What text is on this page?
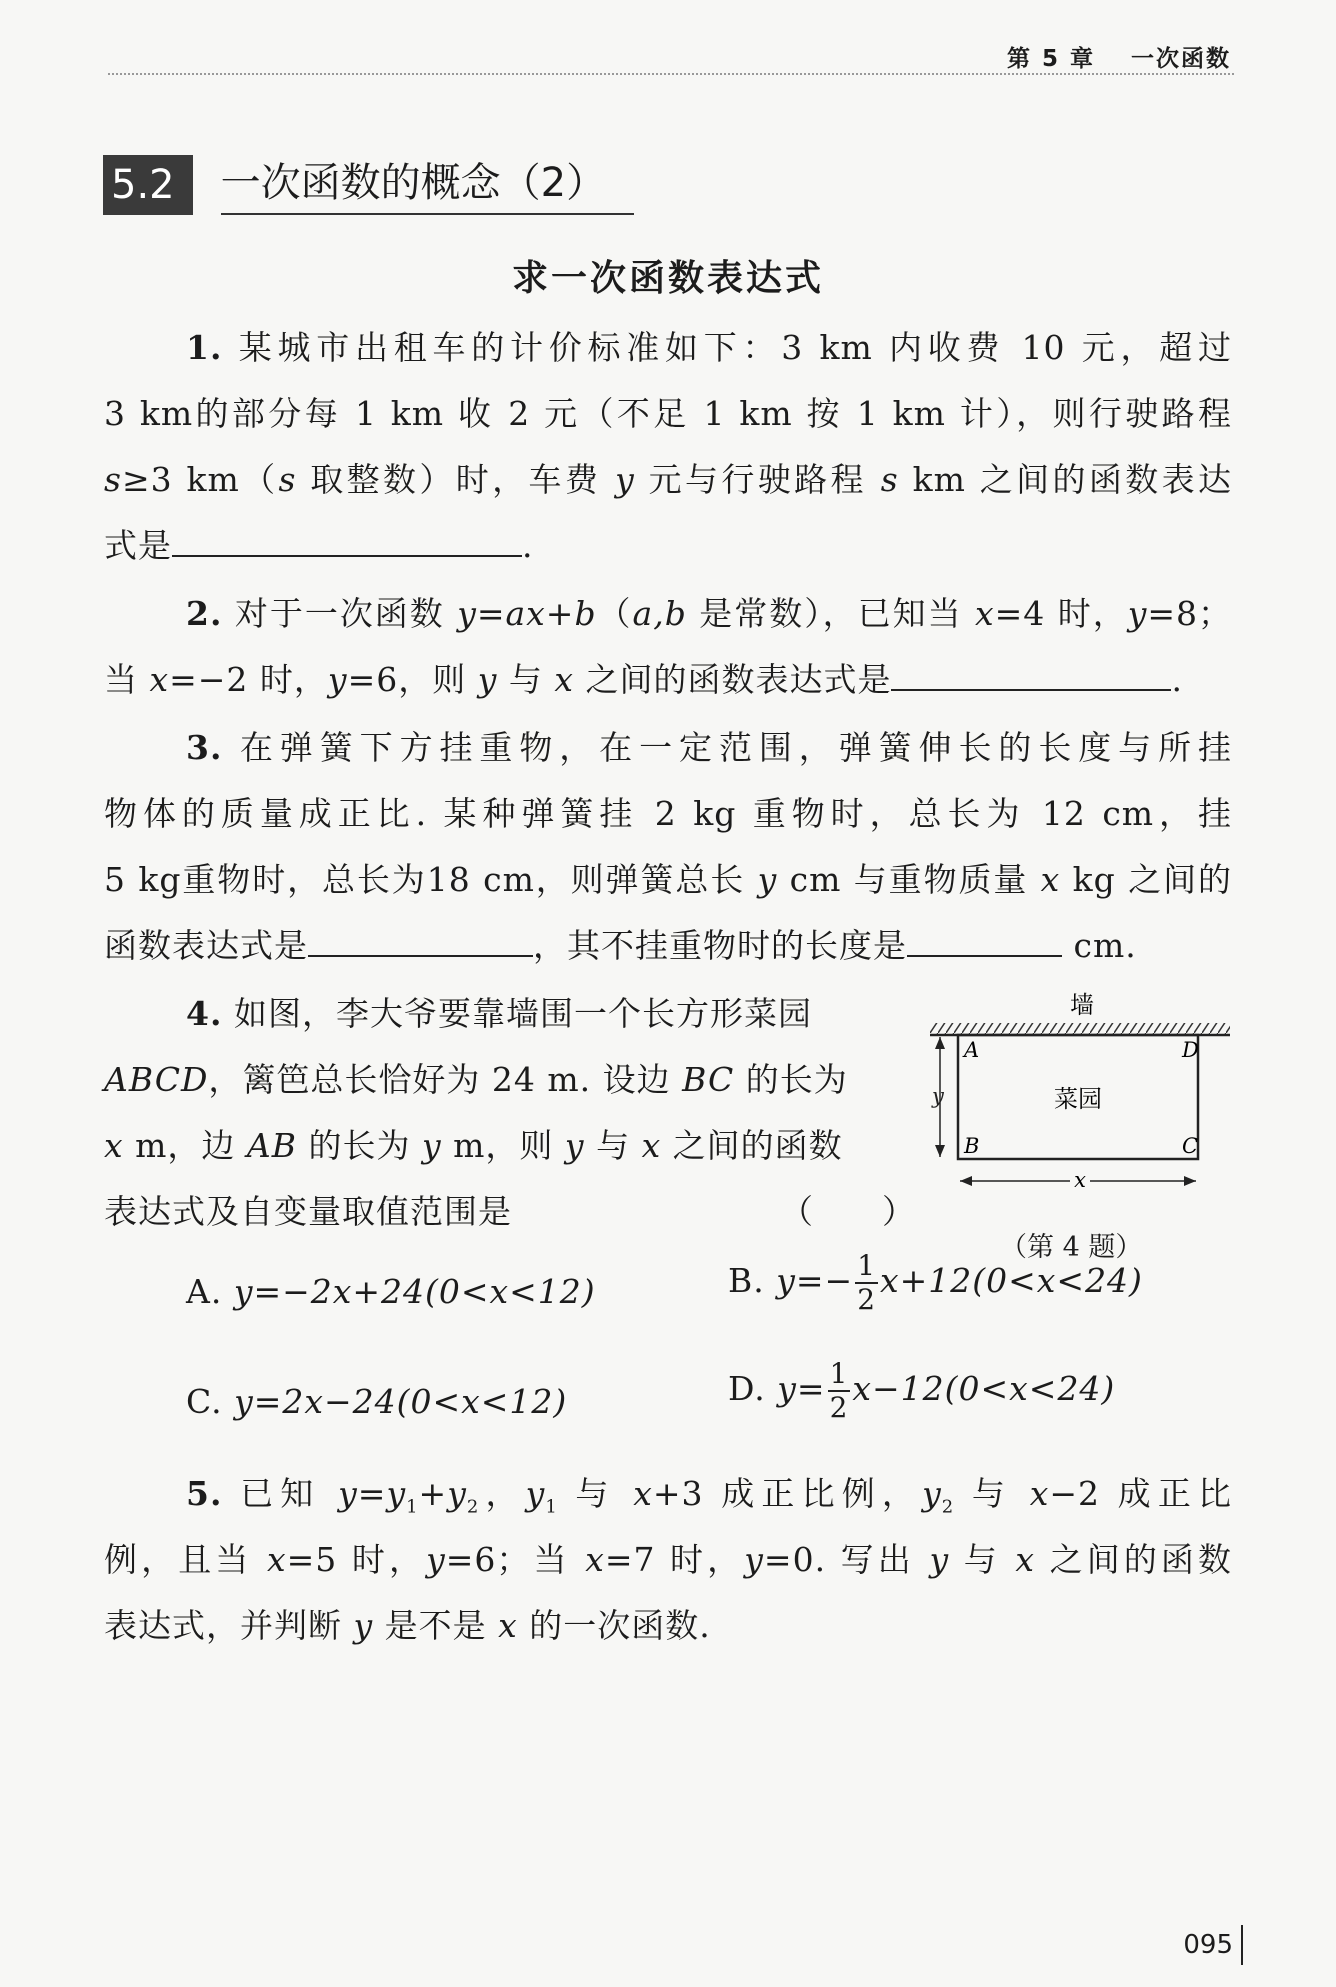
第 5 章 一次函数
5.2	一次函数的概念（2）
求一次函数表达式
1. 某城市出租车的计价标准如下：3 km 内收费 10 元，超过
3 km的部分每 1 km 收 2 元（不足 1 km 按 1 km 计），则行驶路程
s≥3 km（s 取整数）时，车费 y 元与行驶路程 s km 之间的函数表达
式是	.
2. 对于一次函数 y=ax+b（a,b 是常数），已知当 x=4 时，y=8；
当 x=−2 时，y=6，则 y 与 x 之间的函数表达式是	.
3. 在弹簧下方挂重物，在一定范围，弹簧伸长的长度与所挂
物体的质量成正比. 某种弹簧挂 2 kg 重物时，总长为 12 cm，挂
5 kg重物时，总长为18 cm，则弹簧总长 y cm 与重物质量 x kg 之间的
函数表达式是	，其不挂重物时的长度是	cm.
4. 如图，李大爷要靠墙围一个长方形菜园
ABCD，篱笆总长恰好为 24 m. 设边 BC 的长为
x m，边 AB 的长为 y m，则 y 与 x 之间的函数
表达式及自变量取值范围是	（　　）
墙
A	D
B	C
菜园
y
x
（第 4 题）
A. y=−2x+24(0<x<12)	B. $y=- \frac{1}{2} x+12(0<x<24)$
C. y=2x−24(0<x<12)	D. $y= \frac{1}{2} x-12(0<x<24)$
5. 已知 $y=y_1+y_2$，$y_1$ 与 x+3 成正比例，$y_2$ 与 x−2 成正比
例，且当 x=5 时，y=6；当 x=7 时，y=0. 写出 y 与 x 之间的函数
表达式，并判断 y 是不是 x 的一次函数.
095
